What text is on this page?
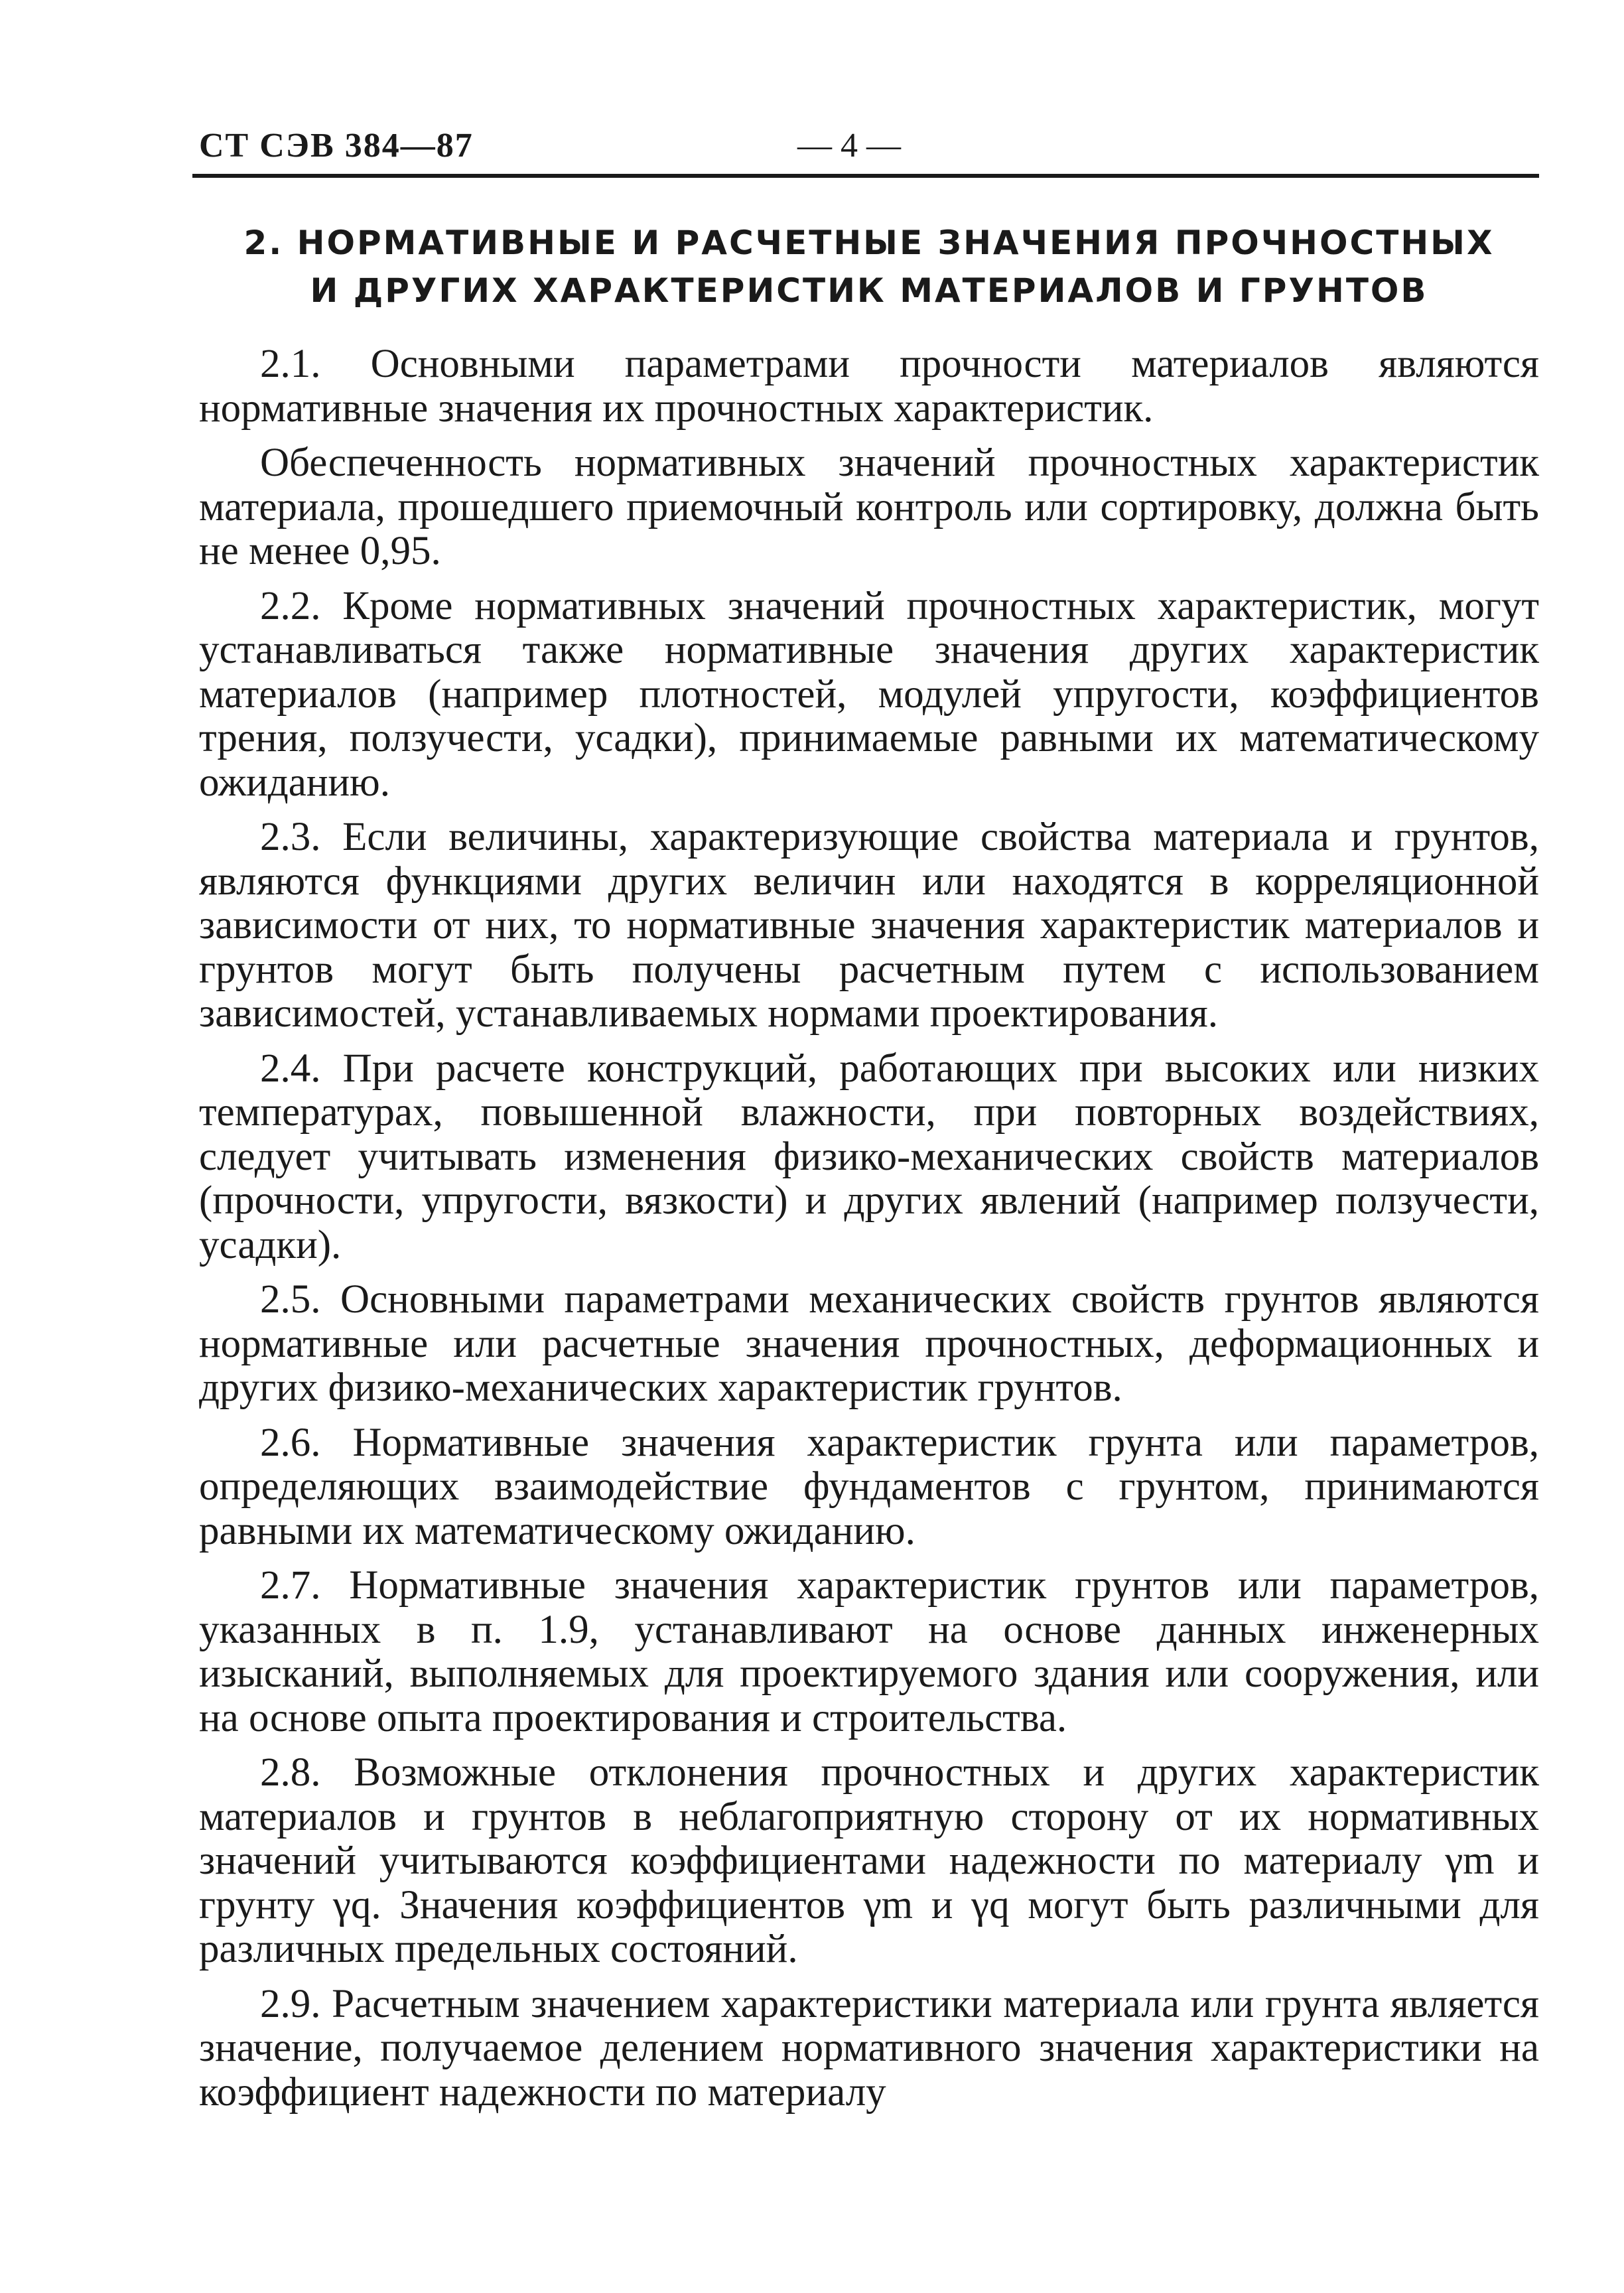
СТ СЭВ 384—87	— 4 —
2. НОРМАТИВНЫЕ И РАСЧЕТНЫЕ ЗНАЧЕНИЯ ПРОЧНОСТНЫХ
И ДРУГИХ ХАРАКТЕРИСТИК МАТЕРИАЛОВ И ГРУНТОВ

2.1. Основными параметрами прочности материалов являются нормативные значения их прочностных характеристик.

Обеспеченность нормативных значений прочностных характеристик материала, прошедшего приемочный контроль или сортировку, должна быть не менее 0,95.

2.2. Кроме нормативных значений прочностных характеристик, могут устанавливаться также нормативные значения других характеристик материалов (например плотностей, модулей упругости, коэффициентов трения, ползучести, усадки), принимаемые равными их математическому ожиданию.

2.3. Если величины, характеризующие свойства материала и грунтов, являются функциями других величин или находятся в корреляционной зависимости от них, то нормативные значения характеристик материалов и грунтов могут быть получены расчетным путем с использованием зависимостей, устанавливаемых нормами проектирования.

2.4. При расчете конструкций, работающих при высоких или низких температурах, повышенной влажности, при повторных воздействиях, следует учитывать изменения физико-механических свойств материалов (прочности, упругости, вязкости) и других явлений (например ползучести, усадки).

2.5. Основными параметрами механических свойств грунтов являются нормативные или расчетные значения прочностных, деформационных и других физико-механических характеристик грунтов.

2.6. Нормативные значения характеристик грунта или параметров, определяющих взаимодействие фундаментов с грунтом, принимаются равными их математическому ожиданию.

2.7. Нормативные значения характеристик грунтов или параметров, указанных в п. 1.9, устанавливают на основе данных инженерных изысканий, выполняемых для проектируемого здания или сооружения, или на основе опыта проектирования и строительства.

2.8. Возможные отклонения прочностных и других характеристик материалов и грунтов в неблагоприятную сторону от их нормативных значений учитываются коэффициентами надежности по материалу γm и грунту γq. Значения коэффициентов γm и γq могут быть различными для различных предельных состояний.

2.9. Расчетным значением характеристики материала или грунта является значение, получаемое делением нормативного значения характеристики на коэффициент надежности по материалу
